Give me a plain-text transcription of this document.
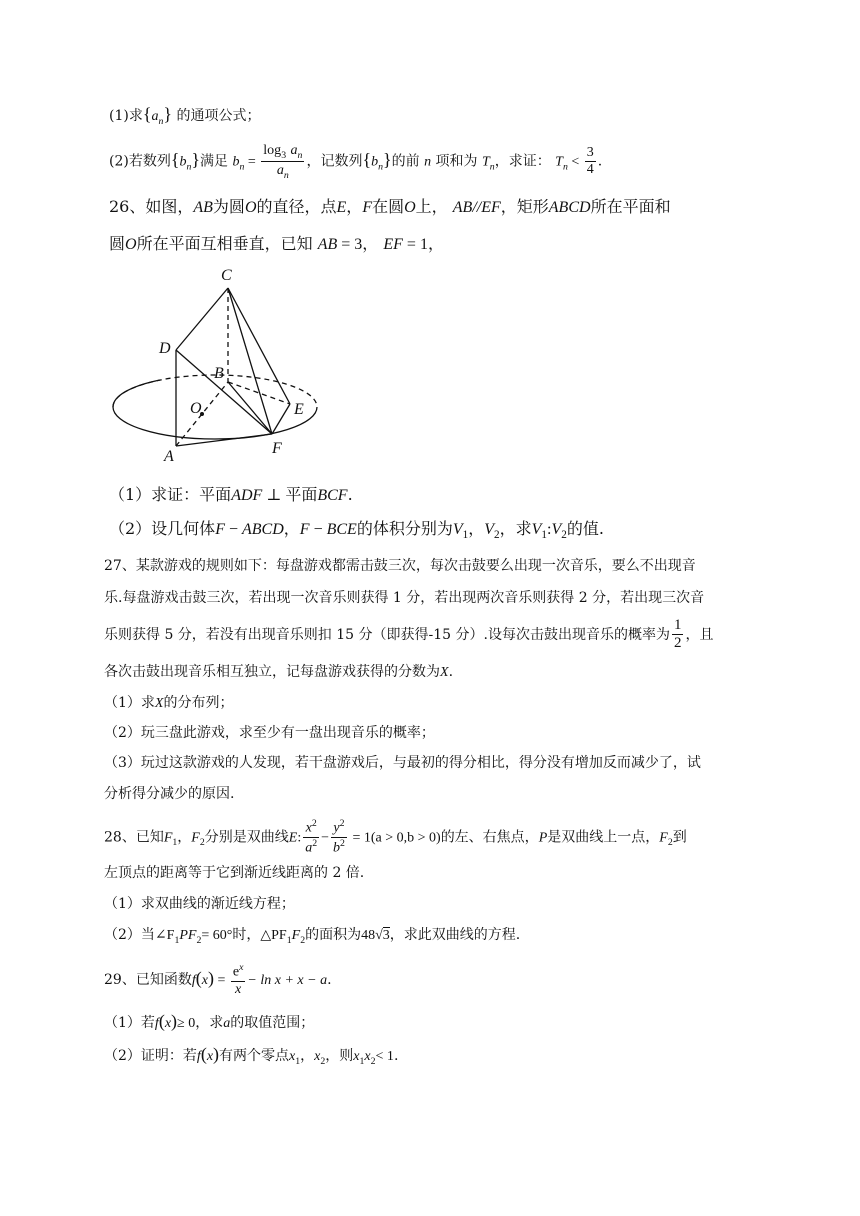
(1)求$\{a_n\}$ 的通项公式；
(2)若数列$\{b_n\}$满足 $b_n = \frac{\log_3 a_n}{a_n}$ ，记数列$\{b_n\}$的前 n 项和为 $T_n$，求证： $T_n < \frac{3}{4}$ .
26、如图，AB为圆O的直径，点E，F在圆O上， AB//EF，矩形ABCD所在平面和
圆O所在平面互相垂直，已知 AB = 3， EF = 1，
C
D
B
O	E
A	F
（1）求证：平面ADF ⊥ 平面BCF.
（2）设几何体F − ABCD，F − BCE的体积分别为$V_1$，$V_2$，求$V_1:V_2$的值.
27、某款游戏的规则如下：每盘游戏都需击鼓三次，每次击鼓要么出现一次音乐，要么不出现音
乐.每盘游戏击鼓三次，若出现一次音乐则获得 1 分，若出现两次音乐则获得 2 分，若出现三次音
乐则获得 5 分，若没有出现音乐则扣 15 分（即获得-15 分）.设每次击鼓出现音乐的概率为 $\frac{1}{2}$ ，且
各次击鼓出现音乐相互独立，记每盘游戏获得的分数为X.
（1）求X的分布列；
（2）玩三盘此游戏，求至少有一盘出现音乐的概率；
（3）玩过这款游戏的人发现，若干盘游戏后，与最初的得分相比，得分没有增加反而减少了，试
分析得分减少的原因.
28、已知$F_1$，$F_2$分别是双曲线E: $\frac{x^2}{a^2} - \frac{y^2}{b^2} = 1(a > 0,b > 0)$的左、右焦点，P是双曲线上一点，$F_2$到
左顶点的距离等于它到渐近线距离的 2 倍.
（1）求双曲线的渐近线方程；
（2）当$\angle F_1PF_2= 60^\circ$时，$\triangle PF_1F_2$的面积为48√3，求此双曲线的方程.
29、已知函数$f(x) = \frac{e^x}{x} - \ln x + x - a$.
（1）若f(x)≥ 0，求a的取值范围；
（2）证明：若f(x)有两个零点$x_1$，$x_2$，则$x_1x_2< 1$.
